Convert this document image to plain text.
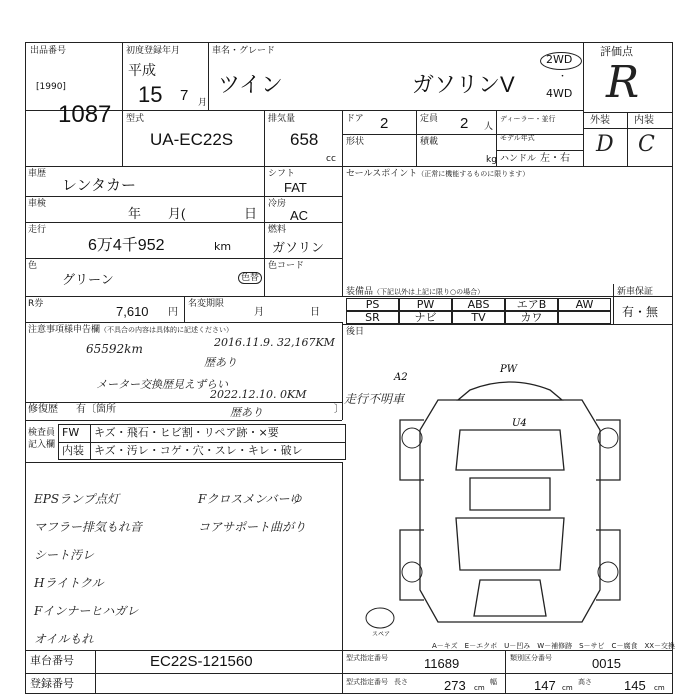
出品番号
[1990]
1087
初度登録年月
平成
15 7 月
車名・グレード
ツイン	ガソリンV
2WD
・
4WD
評価点
R
型式
UA-EC22S
排気量
658
cc
ドア 2	定員 2 人
ディーラー・並行
モデル年式
形状	積載
kg ハンドル 左・右
外装 内装
D C
車歴
レンタカー
車検
年 月(	日
走行
6万4千952	km
色
グリーン	色替
シフト
FAT
冷房
AC
燃料
ガソリン
色コード
セールスポイント（正常に機能するものに限ります）
R券	7,610 円
名変期限
月	日
装備品（下記以外は上記に限り○の場合）	新車保証
有・無
PS	PW	ABS	エアB	AW
SR	ナビ	TV	カワ
後日
注意事項様申告欄（不具合の内容は具体的に記述ください）
65592km	2016.11.9. 32,167KM
歴あり
メーター交換歴見えずらい
2022.12.10. 0KM
歴あり
走行不明車
修復歴 有〔箇所	〕
検査員
記入欄
FW キズ・飛石・ヒビ割・リペア跡・×要
内装 キズ・汚レ・コゲ・穴・スレ・キレ・破レ
EPSランプ点灯
マフラー排気もれ音
シート汚レ
Hライトクル
Fインナーヒハガレ
オイルもれ
Fクロスメンバーゆ
コアサポート曲がり
A2
PW
U4
スペア
A－キズ　E－エクボ　U－凹み　W－補修跡　S－サビ　C－腐食　XX－交換
車台番号	EC22S-121560
登録番号
型式指定番号	11689	類別区分番号	0015
型式指定番号 長さ	273 cm
幅	147 cm
高さ 145 cm
